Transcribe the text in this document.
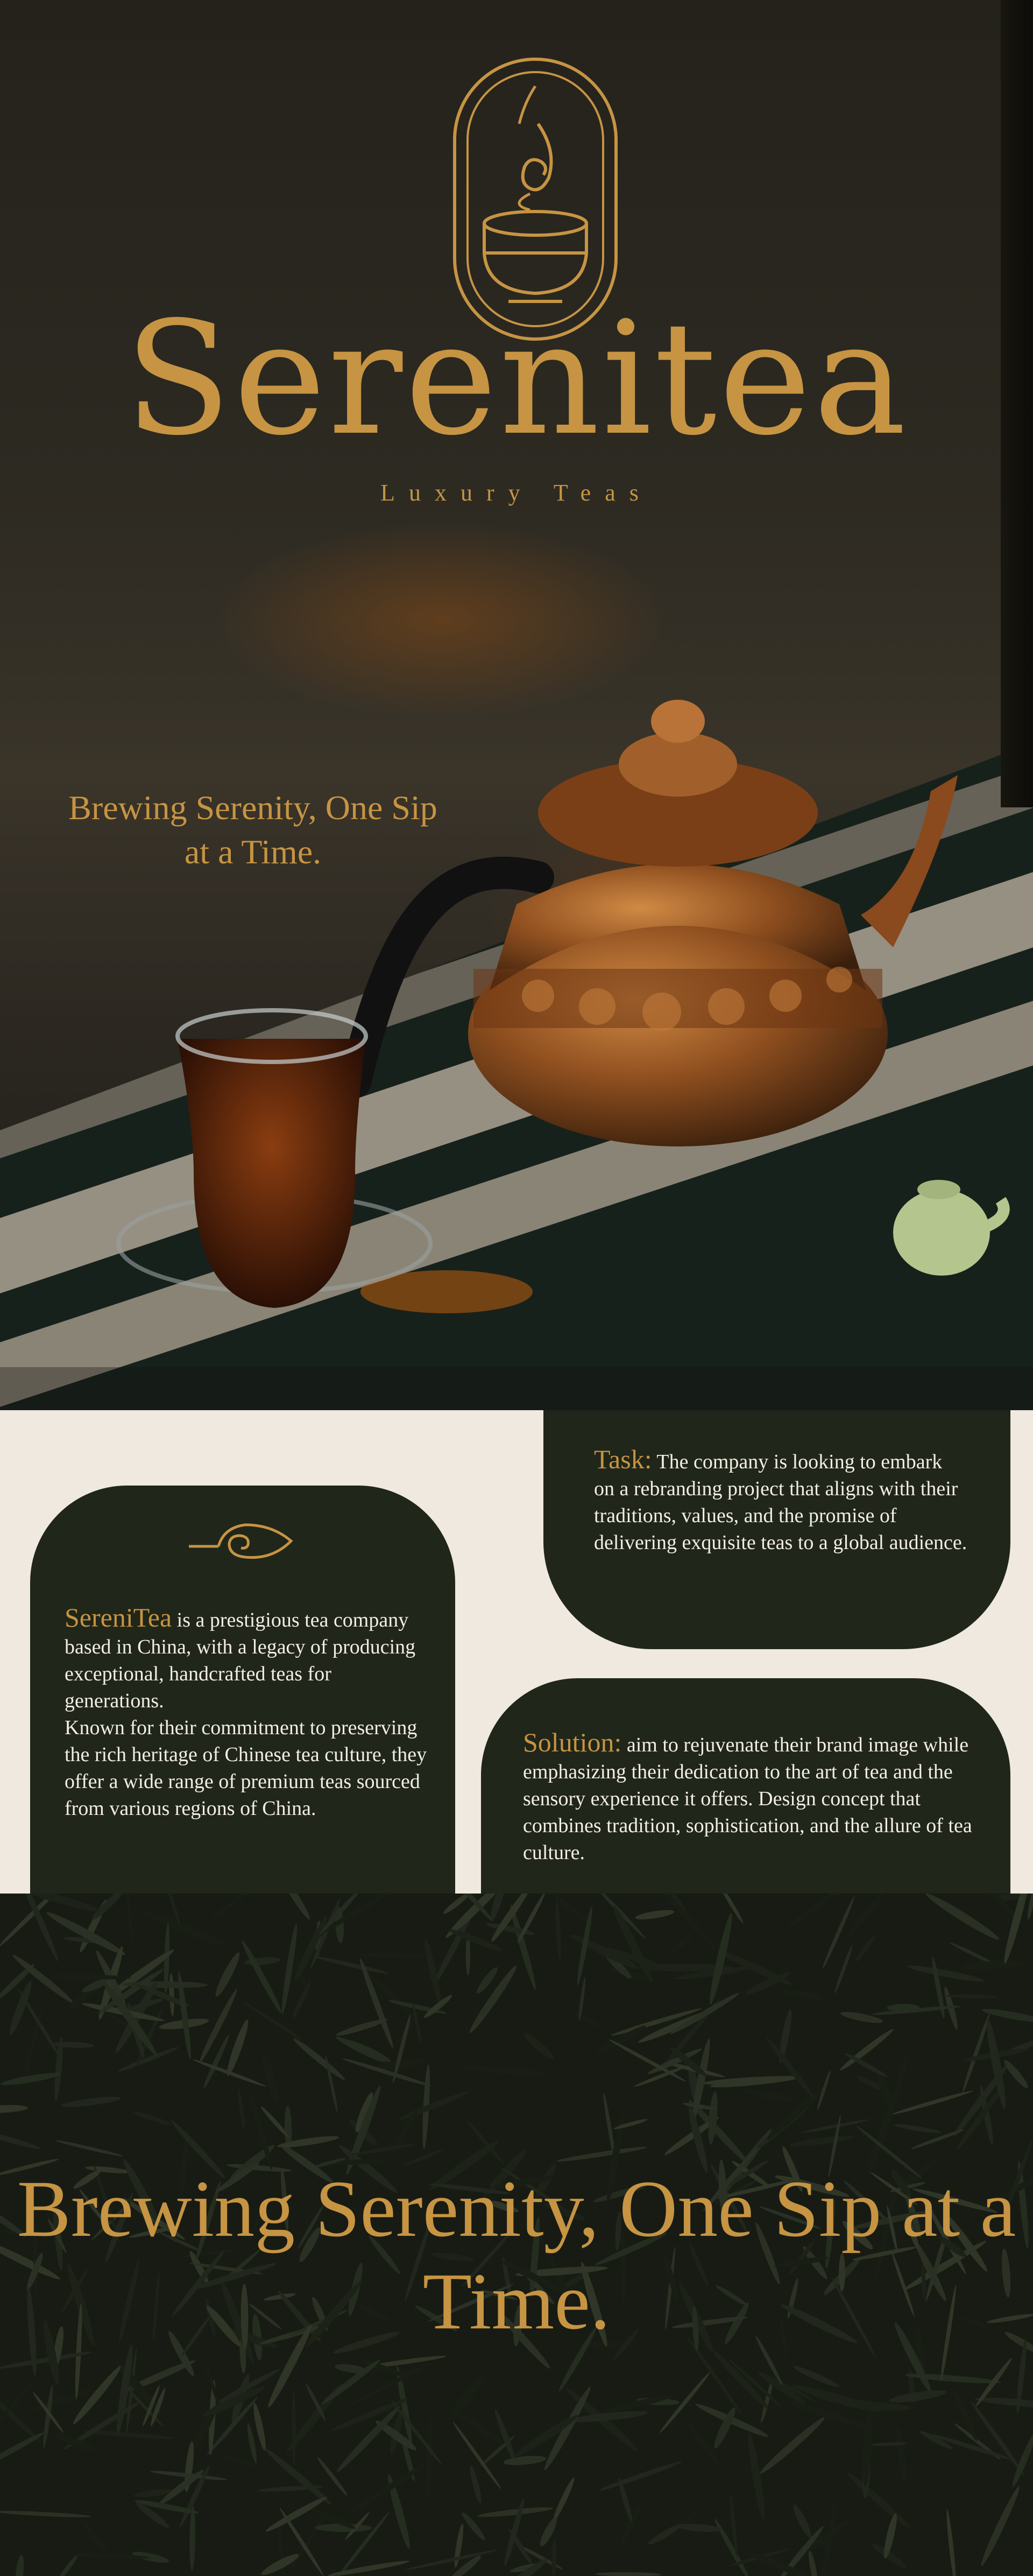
Serenitea
Luxury Teas
Brewing Serenity, One Sip at a Time.

SereniTea is a prestigious tea company based in China, with a legacy of producing exceptional, handcrafted teas for generations.
Known for their commitment to preserving the rich heritage of Chinese tea culture, they offer a wide range of premium teas sourced from various regions of China.

Task: The company is looking to embark on a rebranding project that aligns with their traditions, values, and the promise of delivering exquisite teas to a global audience.

Solution: aim to rejuvenate their brand image while emphasizing their dedication to the art of tea and the sensory experience it offers. Design concept that combines tradition, sophistication, and the allure of tea culture.

Brewing Serenity, One Sip at a Time.
